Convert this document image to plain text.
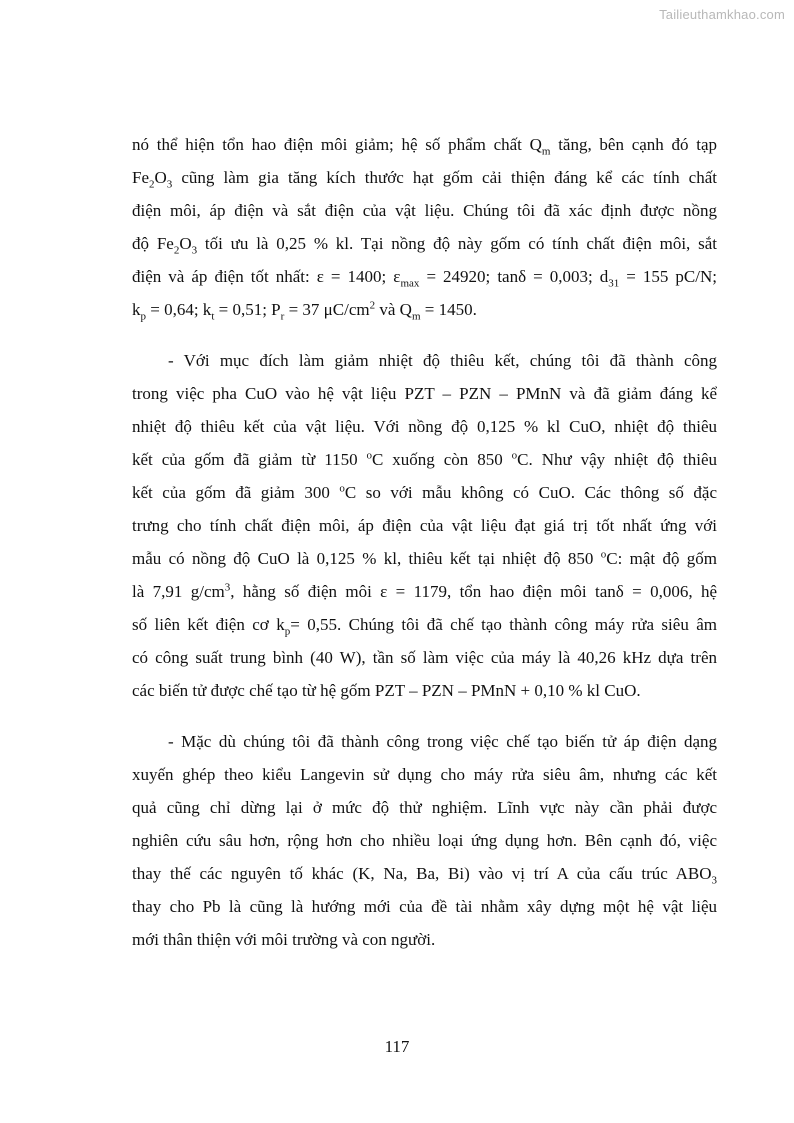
Tailieuthamkhao.com
nó thể hiện tổn hao điện môi giảm; hệ số phẩm chất $Q_m$ tăng, bên cạnh đó tạp
$Fe_2O_3$ cũng làm gia tăng kích thước hạt gốm cải thiện đáng kể các tính chất
điện môi, áp điện và sắt điện của vật liệu. Chúng tôi đã xác định được nồng
độ $Fe_2O_3$ tối ưu là 0,25 % kl. Tại nồng độ này gốm có tính chất điện môi, sắt
điện và áp điện tốt nhất: ε = 1400; $\varepsilon_{max} = 24920$; tanδ = 0,003; $d_{31} = 155$ pC/N;
$k_p = 0,64$; $k_t = 0,51$; $P_r = 37$ $\mu C/cm^2$ và $Q_m = 1450$.
- Với mục đích làm giảm nhiệt độ thiêu kết, chúng tôi đã thành công
trong việc pha CuO vào hệ vật liệu PZT – PZN – PMnN và đã giảm đáng kể
nhiệt độ thiêu kết của vật liệu. Với nồng độ 0,125 % kl CuO, nhiệt độ thiêu
kết của gốm đã giảm từ 1150 $^o$C xuống còn 850 $^o$C. Như vậy nhiệt độ thiêu
kết của gốm đã giảm 300 $^o$C so với mẫu không có CuO. Các thông số đặc
trưng cho tính chất điện môi, áp điện của vật liệu đạt giá trị tốt nhất ứng với
mẫu có nồng độ CuO là 0,125 % kl, thiêu kết tại nhiệt độ 850 $^o$C: mật độ gốm
là 7,91 $g/cm^3$, hằng số điện môi ε = 1179, tổn hao điện môi tanδ = 0,006, hệ
số liên kết điện cơ $k_p= 0,55$. Chúng tôi đã chế tạo thành công máy rửa siêu âm
có công suất trung bình (40 W), tần số làm việc của máy là 40,26 kHz dựa trên
các biến tử được chế tạo từ hệ gốm PZT – PZN – PMnN + 0,10 % kl CuO.
- Mặc dù chúng tôi đã thành công trong việc chế tạo biến tử áp điện dạng
xuyến ghép theo kiểu Langevin sử dụng cho máy rửa siêu âm, nhưng các kết
quả cũng chỉ dừng lại ở mức độ thử nghiệm. Lĩnh vực này cần phải được
nghiên cứu sâu hơn, rộng hơn cho nhiều loại ứng dụng hơn. Bên cạnh đó, việc
thay thế các nguyên tố khác (K, Na, Ba, Bi) vào vị trí A của cấu trúc $ABO_3$
thay cho Pb là cũng là hướng mới của đề tài nhằm xây dựng một hệ vật liệu
mới thân thiện với môi trường và con người.
117
